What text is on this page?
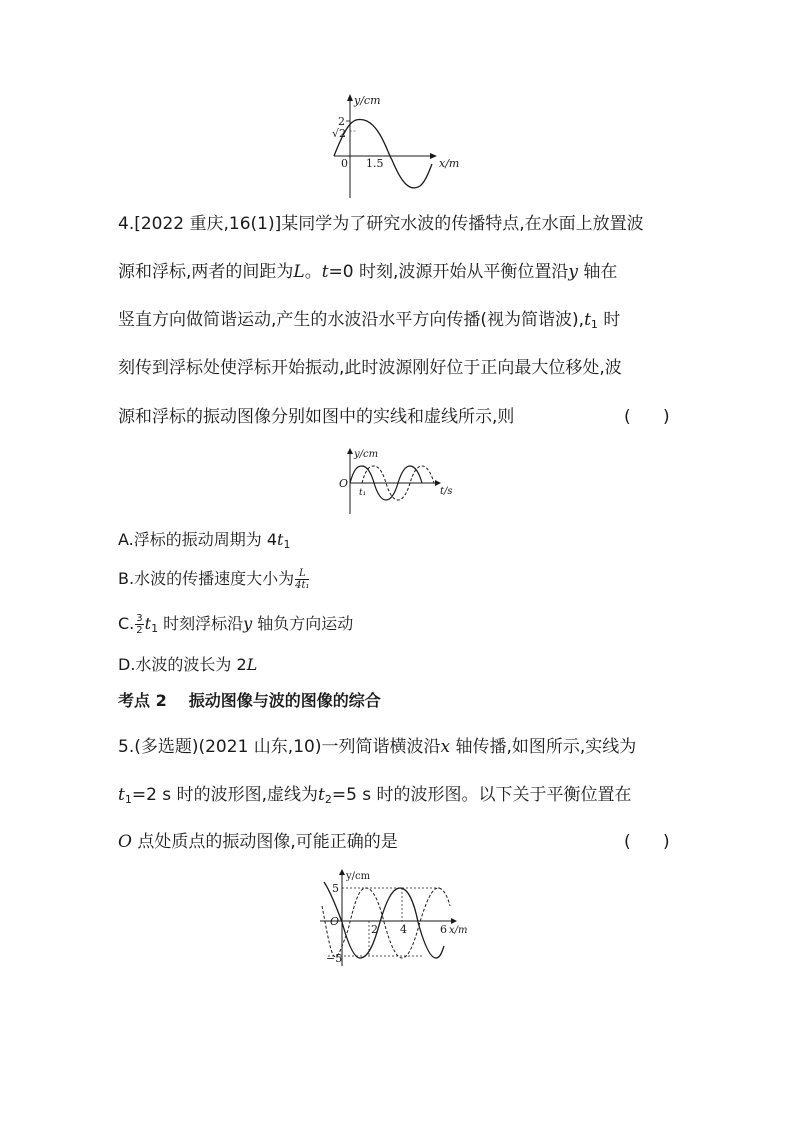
y/cm
2
√2
0 1.5	x/m
4.[2022 重庆,16(1)]某同学为了研究水波的传播特点,在水面上放置波
源和浮标,两者的间距为L。t=0 时刻,波源开始从平衡位置沿y 轴在
竖直方向做简谐运动,产生的水波沿水平方向传播(视为简谐波)$,t_1$ 时
刻传到浮标处使浮标开始振动,此时波源刚好位于正向最大位移处,波
源和浮标的振动图像分别如图中的实线和虚线所示,则	(      )
y/cm
O
t₁	t/s
A.浮标的振动周期为 $4t_1$
B.水波的传播速度大小为 $\frac{L}{\text{4t₁}}$
C. $\frac{3}{2} t_1$ 时刻浮标沿y 轴负方向运动
D.水波的波长为 2L
考点 2 振动图像与波的图像的综合
5.(多选题)(2021 山东,10)一列简谐横波沿x 轴传播,如图所示,实线为
$t_1=2$ s 时的波形图,虚线为$t_2=5$ s 时的波形图。以下关于平衡位置在
O 点处质点的振动图像,可能正确的是	(      )
y/cm
5
O
−5
2 4	6 x/m
